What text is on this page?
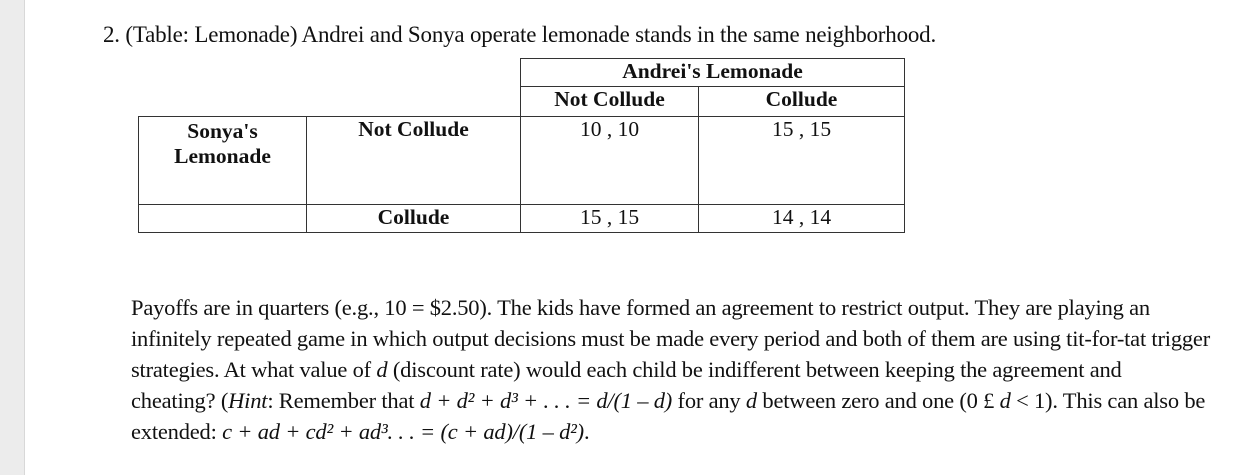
2. (Table: Lemonade) Andrei and Sonya operate lemonade stands in the same neighborhood.
		Andrei's Lemonade	
		Not Collude	Collude

Sonya's Lemonade	Not Collude	10 , 10	15 , 15
	Collude	15 , 15	14 , 14

Payoffs are in quarters (e.g., 10 = $2.50). The kids have formed an agreement to restrict output. They are playing an infinitely repeated game in which output decisions must be made every period and both of them are using tit-for-tat trigger strategies. At what value of d (discount rate) would each child be indifferent between keeping the agreement and cheating? (Hint: Remember that d + d² + d³ + . . . = d/(1 – d) for any d between zero and one (0 £ d < 1). This can also be extended: c + ad + cd² + ad³. . . = (c + ad)/(1 – d²).
